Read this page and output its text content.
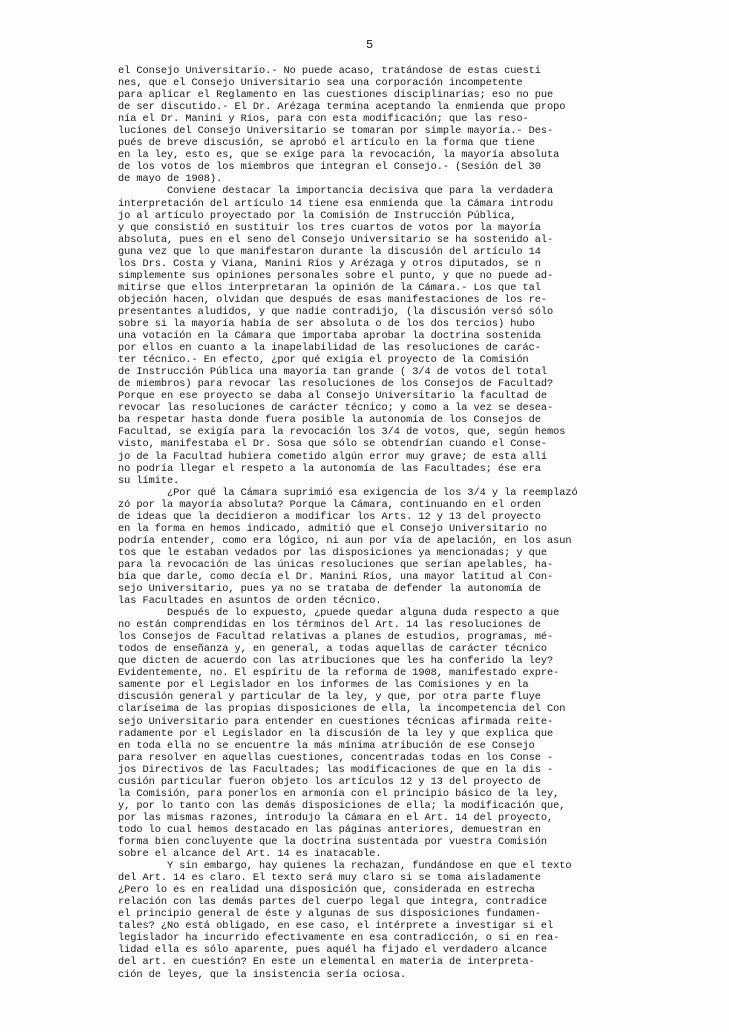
5
el Consejo Universitario.- No puede acaso, tratándose de estas cuesti
nes, que el Consejo Universitario sea una corporación incompetente
para aplicar el Reglamento en las cuestiones disciplinarias; eso no pue
de ser discutido.- El Dr. Arézaga termina aceptando la enmienda que propo
nía el Dr. Manini y Ríos, para con esta modificación; que las reso-
luciones del Consejo Universitario se tomaran por simple mayoría.- Des-
pués de breve discusión, se aprobó el artículo en la forma que tiene
en la ley, esto es, que se exige para la revocación, la mayoría absoluta
de los votos de los miembros que integran el Consejo.- (Sesión del 30
de mayo de 1908).
Conviene destacar la importancia decisiva que para la verdadera
interpretación del artículo 14 tiene esa enmienda que la Cámara introdu
jo al artículo proyectado por la Comisión de Instrucción Pública,
y que consistió en sustituir los tres cuartos de votos por la mayoría
absoluta, pues en el seno del Consejo Universitario se ha sostenido al-
guna vez que lo que manifestaron durante la discusión del artículo 14
los Drs. Costa y Viana, Manini Ríos y Arézaga y otros diputados, se n
simplemente sus opiniones personales sobre el punto, y que no puede ad-
mitirse que ellos interpretaran la opinión de la Cámara.- Los que tal
objeción hacen, olvidan que después de esas manifestaciones de los re-
presentantes aludidos, y que nadie contradijo, (la discusión versó sólo
sobre si la mayoría había de ser absoluta o de los dos tercios) hubo
una votación en la Cámara que importaba aprobar la doctrina sostenida
por ellos en cuanto a la inapelabilidad de las resoluciones de carác-
ter técnico.- En efecto, ¿por qué exigía el proyecto de la Comisión
de Instrucción Pública una mayoría tan grande ( 3/4 de votos del total
de miembros) para revocar las resoluciones de los Consejos de Facultad?
Porque en ese proyecto se daba al Consejo Universitario la facultad de
revocar las resoluciones de carácter técnico; y como a la vez se desea-
ba respetar hasta donde fuera posible la autonomía de los Consejos de
Facultad, se exigía para la revocación los 3/4 de votos, que, según hemos
visto, manifestaba el Dr. Sosa que sólo se obtendrían cuando el Conse-
jo de la Facultad hubiera cometido algún error muy grave; de esta allí
no podría llegar el respeto a la autonomía de las Facultades; ése era
su límite.
¿Por qué la Cámara suprimió esa exigencia de los 3/4 y la reemplazó
zó por la mayoría absoluta? Porque la Cámara, continuando en el orden
de ideas que la decidieron a modificar los Arts. 12 y 13 del proyecto
en la forma en hemos indicado, admitió que el Consejo Universitario no
podría entender, como era lógico, ni aun por vía de apelación, en los asun
tos que le estaban vedados por las disposiciones ya mencionadas; y que
para la revocación de las únicas resoluciones que serían apelables, ha-
bía que darle, como decía el Dr. Manini Ríos, una mayor latitud al Con-
sejo Universitario, pues ya no se trataba de defender la autonomía de
las Facultades en asuntos de orden técnico.
Después de lo expuesto, ¿puede quedar alguna duda respecto a que
no están comprendidas en los términos del Art. 14 las resoluciones de
los Consejos de Facultad relativas a planes de estudios, programas, mé-
todos de enseñanza y, en general, a todas aquellas de carácter técnico
que dicten de acuerdo con las atribuciones que les ha conferido la ley?
Evidentemente, no. El espíritu de la reforma de 1908, manifestado expre-
samente por el Legislador en los informes de las Comisiones y en la
discusión general y particular de la ley, y que, por otra parte fluye
claríseima de las propias disposiciones de ella, la incompetencia del Con
sejo Universitario para entender en cuestiones técnicas afirmada reite-
radamente por el Legislador en la discusión de la ley y que explica que
en toda ella no se encuentre la más mínima atribución de ese Consejo
para resolver en aquellas cuestiones, concentradas todas en los Conse -
jos Directivos de las Facultades; las modificaciones de que en la dis -
cusión particular fueron objeto los artículos 12 y 13 del proyecto de
la Comisión, para ponerlos en armonía con el principio básico de la ley,
y, por lo tanto con las demás disposiciones de ella; la modificación que,
por las mismas razones, introdujo la Cámara en el Art. 14 del proyecto,
todo lo cual hemos destacado en las páginas anteriores, demuestran en
forma bien concluyente que la doctrina sustentada por vuestra Comisión
sobre el alcance del Art. 14 es inatacable.
Y sin embargo, hay quienes la rechazan, fundándose en que el texto
del Art. 14 es claro. El texto será muy claro si se toma aisladamente
¿Pero lo es en realidad una disposición que, considerada en estrecha
relación con las demás partes del cuerpo legal que integra, contradice
el principio general de éste y algunas de sus disposiciones fundamen-
tales? ¿No está obligado, en ese caso, el intérprete a investigar si el
legislador ha incurrido efectivamente en esa contradicción, o si en rea-
lidad ella es sólo aparente, pues aquél ha fijado el verdadero alcance
del art. en cuestión? En este un elemental en materia de interpreta-
ción de leyes, que la insistencia sería ociosa.
